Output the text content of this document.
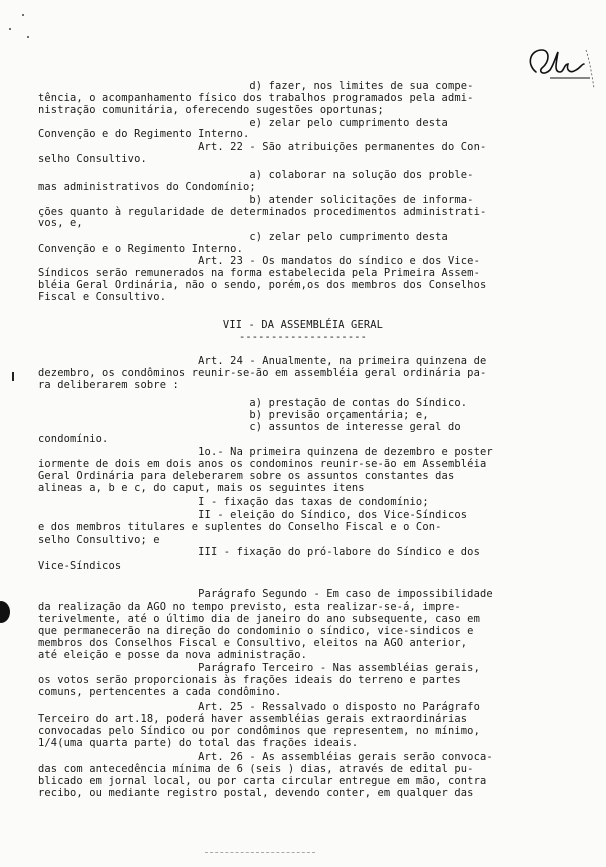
d) fazer, nos limites de sua compe-
tência, o acompanhamento físico dos trabalhos programados pela admi-
nistração comunitária, oferecendo sugestões oportunas;
e) zelar pelo cumprimento desta
Convenção e do Regimento Interno.
Art. 22 - São atribuições permanentes do Con-
selho Consultivo.
a) colaborar na solução dos proble-
mas administrativos do Condomínio;
b) atender solicitações de informa-
ções quanto à regularidade de determinados procedimentos administrati-
vos, e,
c) zelar pelo cumprimento desta
Convenção e o Regimento Interno.
Art. 23 - Os mandatos do síndico e dos Vice-
Síndicos serão remunerados na forma estabelecida pela Primeira Assem-
bléia Geral Ordinária, não o sendo, porém,os dos membros dos Conselhos
Fiscal e Consultivo.
VII - DA ASSEMBLÉIA GERAL
--------------------
Art. 24 - Anualmente, na primeira quinzena de
dezembro, os condôminos reunir-se-ão em assembléia geral ordinária pa-
ra deliberarem sobre :
a) prestação de contas do Síndico.
b) previsão orçamentária; e,
c) assuntos de interesse geral do
condomínio.
1o.- Na primeira quinzena de dezembro e poster
iormente de dois em dois anos os condominos reunir-se-ão em Assembléia
Geral Ordinária para deleberarem sobre os assuntos constantes das
alineas a, b e c, do caput, mais os seguintes itens
I - fixação das taxas de condomínio;
II - eleição do Síndico, dos Vice-Síndicos
e dos membros titulares e suplentes do Conselho Fiscal e o Con-
selho Consultivo; e
III - fixação do pró-labore do Síndico e dos
Vice-Síndicos
Parágrafo Segundo - Em caso de impossibilidade
da realização da AGO no tempo previsto, esta realizar-se-á, impre-
terivelmente, até o último dia de janeiro do ano subsequente, caso em
que permanecerão na direção do condominio o síndico, vice-sindicos e
membros dos Conselhos Fiscal e Consultivo, eleitos na AGO anterior,
até eleição e posse da nova administração.
Parágrafo Terceiro - Nas assembléias gerais,
os votos serão proporcionais às frações ideais do terreno e partes
comuns, pertencentes a cada condômino.
Art. 25 - Ressalvado o disposto no Parágrafo
Terceiro do art.18, poderá haver assembléias gerais extraordinárias
convocadas pelo Síndico ou por condôminos que representem, no mínimo,
1/4(uma quarta parte) do total das frações ideais.
Art. 26 - As assembléias gerais serão convoca-
das com antecedência mínima de 6 (seis ) dias, através de edital pu-
blicado em jornal local, ou por carta circular entregue em mão, contra
recibo, ou mediante registro postal, devendo conter, em qualquer das
